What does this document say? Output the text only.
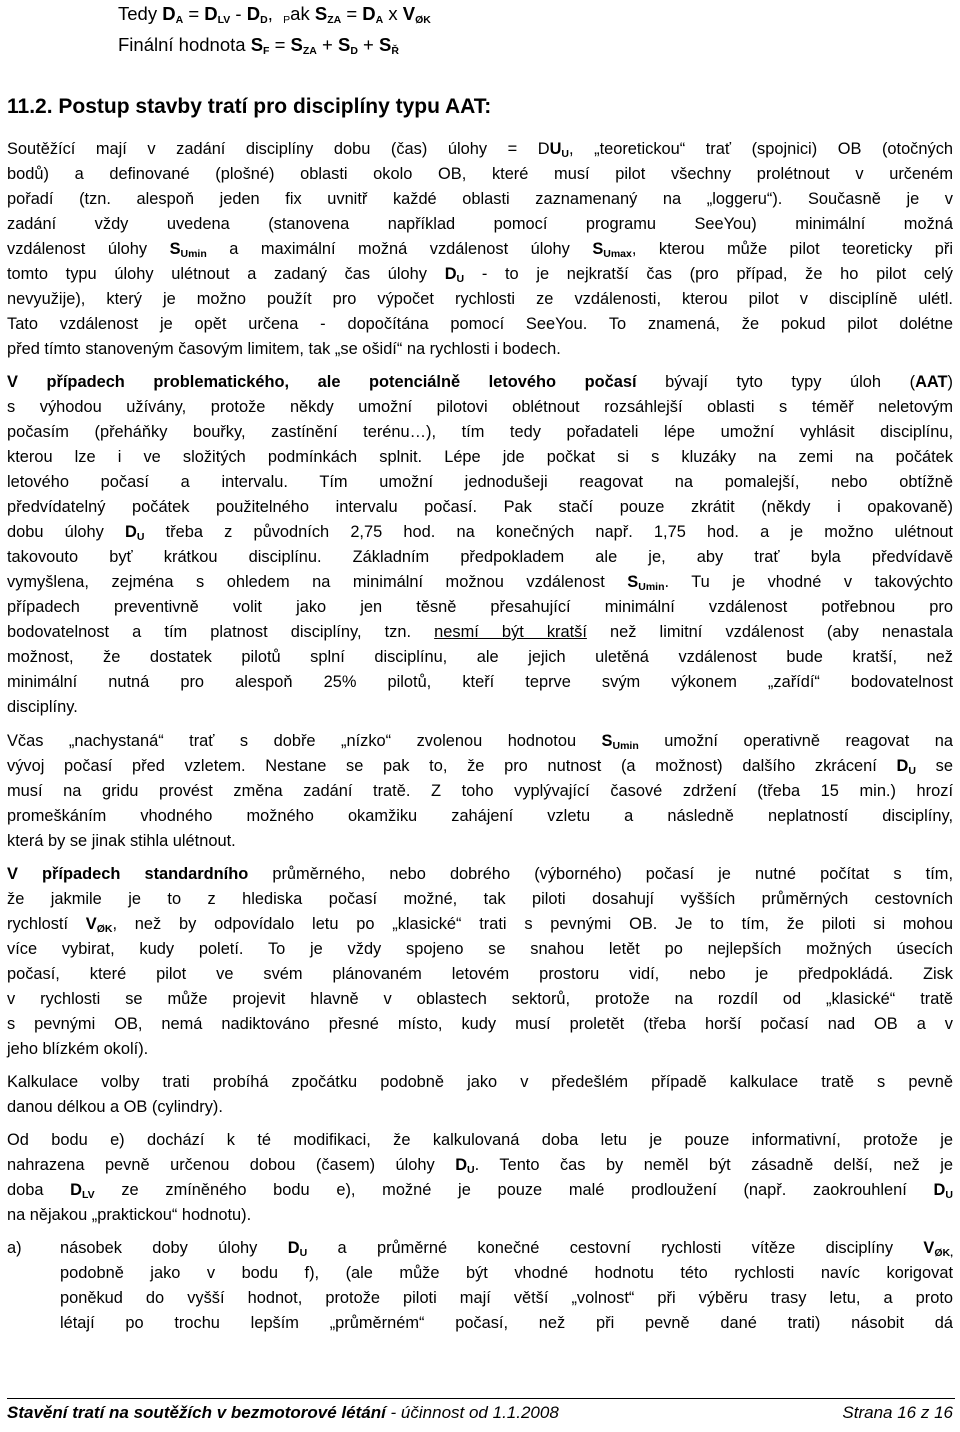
Tedy $D_A = D_{LV} - D_D$,  $_P$ak $S_{ZA} = D_A$ x $V_{ØK}$
Finální hodnota $S_F = S_{ZA} + S_D + S_Ř$
11.2. Postup stavby tratí pro disciplíny typu AAT:
Soutěžící mají v zadání disciplíny dobu (čas) úlohy = $DU_U$, „teoretickou“ trať (spojnici) OB (otočných
bodů) a definované (plošné) oblasti okolo OB, které musí pilot všechny prolétnout v určeném
pořadí (tzn. alespoň jeden fix uvnitř každé oblasti zaznamenaný na „loggeru“). Současně je v
zadání vždy uvedena (stanovena například pomocí programu SeeYou) minimální možná
vzdálenost úlohy $S_{Umin}$ a maximální možná vzdálenost úlohy $S_{Umax}$, kterou může pilot teoreticky při
tomto typu úlohy ulétnout a zadaný čas úlohy $D_U$ - to je nejkratší čas (pro případ, že ho pilot celý
nevyužije), který je možno použít pro výpočet rychlosti ze vzdálenosti, kterou pilot v disciplíně ulétl.
Tato vzdálenost je opět určena - dopočítána pomocí SeeYou. To znamená, že pokud pilot dolétne
před tímto stanoveným časovým limitem, tak „se ošidí“ na rychlosti i bodech.
V případech problematického, ale potenciálně letového počasí bývají tyto typy úloh (AAT)
s výhodou užívány, protože někdy umožní pilotovi oblétnout rozsáhlejší oblasti s téměř neletovým
počasím (přeháňky bouřky, zastínění terénu…), tím tedy pořadateli lépe umožní vyhlásit disciplínu,
kterou lze i ve složitých podmínkách splnit. Lépe jde počkat si s kluzáky na zemi na počátek
letového počasí a intervalu. Tím umožní jednodušeji reagovat na pomalejší, nebo obtížně
předvídatelný počátek použitelného intervalu počasí. Pak stačí pouze zkrátit (někdy i opakovaně)
dobu úlohy $D_U$ třeba z původních 2,75 hod. na konečných např. 1,75 hod. a je možno ulétnout
takovouto byť krátkou disciplínu. Základním předpokladem ale je, aby trať byla předvídavě
vymyšlena, zejména s ohledem na minimální možnou vzdálenost $S_{Umin}$. Tu je vhodné v takovýchto
případech preventivně volit jako jen těsně přesahující minimální vzdálenost potřebnou pro
bodovatelnost a tím platnost disciplíny, tzn. nesmí být kratší než limitní vzdálenost (aby nenastala
možnost, že dostatek pilotů splní disciplínu, ale jejich uletěná vzdálenost bude kratší, než
minimální nutná pro alespoň 25% pilotů, kteří teprve svým výkonem „zařídí“ bodovatelnost
disciplíny.
Včas „nachystaná“ trať s dobře „nízko“ zvolenou hodnotou $S_{Umin}$ umožní operativně reagovat na
vývoj počasí před vzletem. Nestane se pak to, že pro nutnost (a možnost) dalšího zkrácení $D_U$ se
musí na gridu provést změna zadání tratě. Z toho vyplývající časové zdržení (třeba 15 min.) hrozí
promeškáním vhodného možného okamžiku zahájení vzletu a následně neplatností disciplíny,
která by se jinak stihla ulétnout.
V případech standardního průměrného, nebo dobrého (výborného) počasí je nutné počítat s tím,
že jakmile je to z hlediska počasí možné, tak piloti dosahují vyšších průměrných cestovních
rychlostí $V_{ØK}$, než by odpovídalo letu po „klasické“ trati s pevnými OB. Je to tím, že piloti si mohou
více vybirat, kudy poletí. To je vždy spojeno se snahou letět po nejlepších možných úsecích
počasí, které pilot ve svém plánovaném letovém prostoru vidí, nebo je předpokládá. Zisk
v rychlosti se může projevit hlavně v oblastech sektorů, protože na rozdíl od „klasické“ tratě
s pevnými OB, nemá nadiktováno přesné místo, kudy musí proletět (třeba horší počasí nad OB a v
jeho blízkém okolí).
Kalkulace volby trati probíhá zpočátku podobně jako v předešlém případě kalkulace tratě s pevně
danou délkou a OB (cylindry).
Od bodu e) dochází k té modifikaci, že kalkulovaná doba letu je pouze informativní, protože je
nahrazena pevně určenou dobou (časem) úlohy $D_U$. Tento čas by neměl být zásadně delší, než je
doba $D_{LV}$ ze zmíněného bodu e), možné je pouze malé prodloužení (např. zaokrouhlení $D_U$
na nějakou „praktickou“ hodnotu).
a) násobek doby úlohy $D_U$ a průměrné konečné cestovní rychlosti vítěze disciplíny $V_{ØK,}$
podobně jako v bodu f), (ale může být vhodné hodnotu této rychlosti navíc korigovat
poněkud do vyšší hodnot, protože piloti mají větší „volnost“ při výběru trasy letu, a proto
létají po trochu lepším „průměrném“ počasí, než při pevně dané trati) násobit dá
Stavění tratí na soutěžích v bezmotorové létání - účinnost od 1.1.2008	Strana 16 z 16
